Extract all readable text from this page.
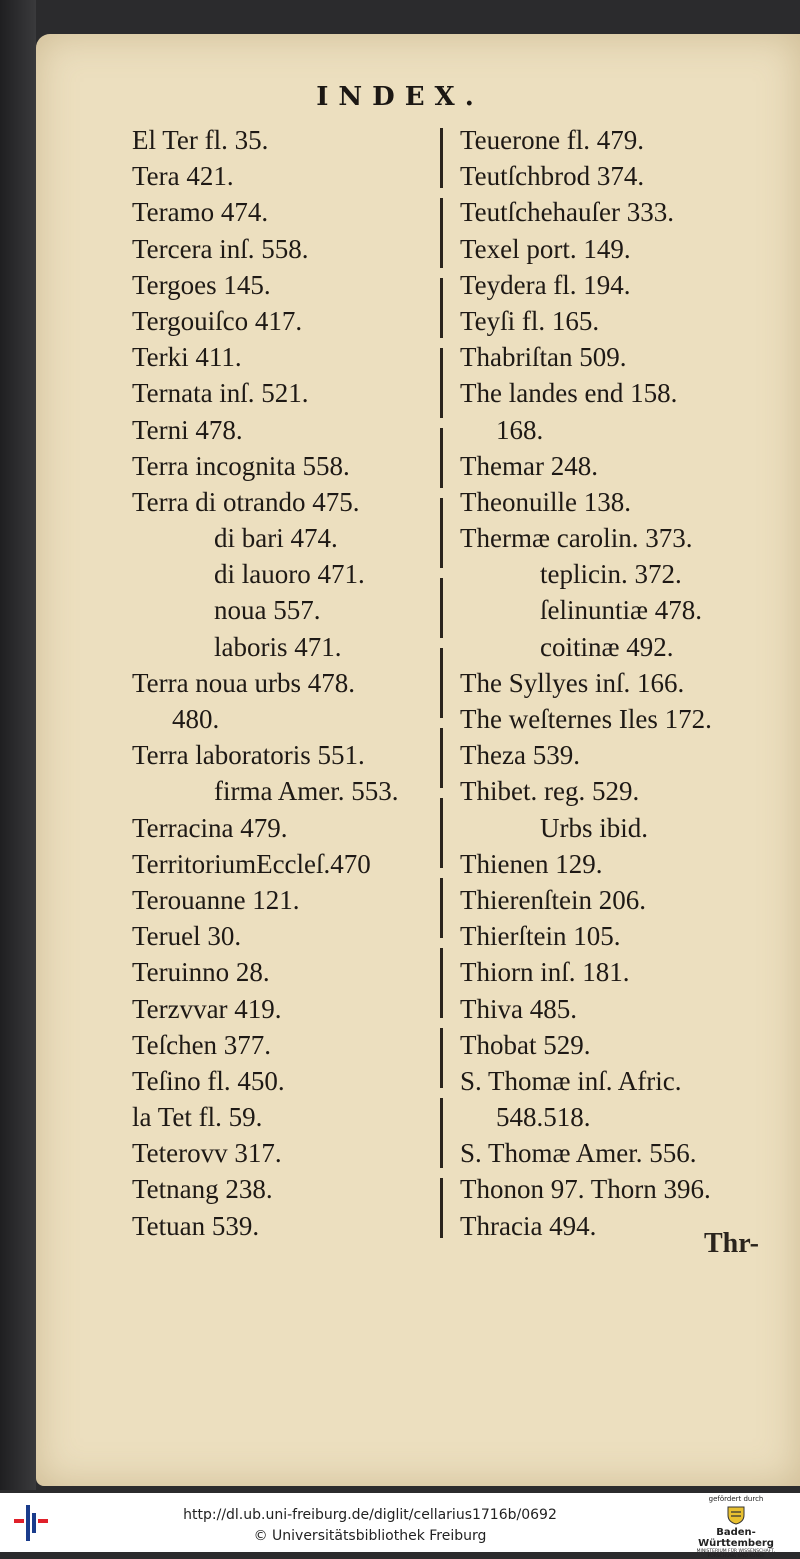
INDEX.
El Ter fl. 35.
Tera 421.
Teramo 474.
Tercera inſ. 558.
Tergoes 145.
Tergouiſco 417.
Terki 411.
Ternata inſ. 521.
Terni 478.
Terra incognita 558.
Terra di otrando 475.
di bari 474.
di lauoro 471.
noua 557.
laboris 471.
Terra noua urbs 478.
480.
Terra laboratoris 551.
firma Amer. 553.
Terracina 479.
TerritoriumEccleſ.470
Terouanne 121.
Teruel 30.
Teruinno 28.
Terzvvar 419.
Teſchen 377.
Teſino fl. 450.
la Tet fl. 59.
Teterovv 317.
Tetnang 238.
Tetuan 539.
Teuerone fl. 479.
Teutſchbrod 374.
Teutſchehauſer 333.
Texel port. 149.
Teydera fl. 194.
Teyſi fl. 165.
Thabriſtan 509.
The landes end 158.
168.
Themar 248.
Theonuille 138.
Thermæ carolin. 373.
teplicin. 372.
ſelinuntiæ 478.
coitinæ 492.
The Syllyes inſ. 166.
The weſternes Iles 172.
Theza 539.
Thibet. reg. 529.
Urbs ibid.
Thienen 129.
Thierenſtein 206.
Thierſtein 105.
Thiorn inſ. 181.
Thiva 485.
Thobat 529.
S. Thomæ inſ. Afric.
548.518.
S. Thomæ Amer. 556.
Thonon 97. Thorn 396.
Thracia 494.
Thr-
http://dl.ub.uni-freiburg.de/diglit/cellarius1716b/0692
© Universitätsbibliothek Freiburg
gefördert durch
Baden-Württemberg
MINISTERIUM FÜR WISSENSCHAFT, FORSCHUNG UND KUNST
